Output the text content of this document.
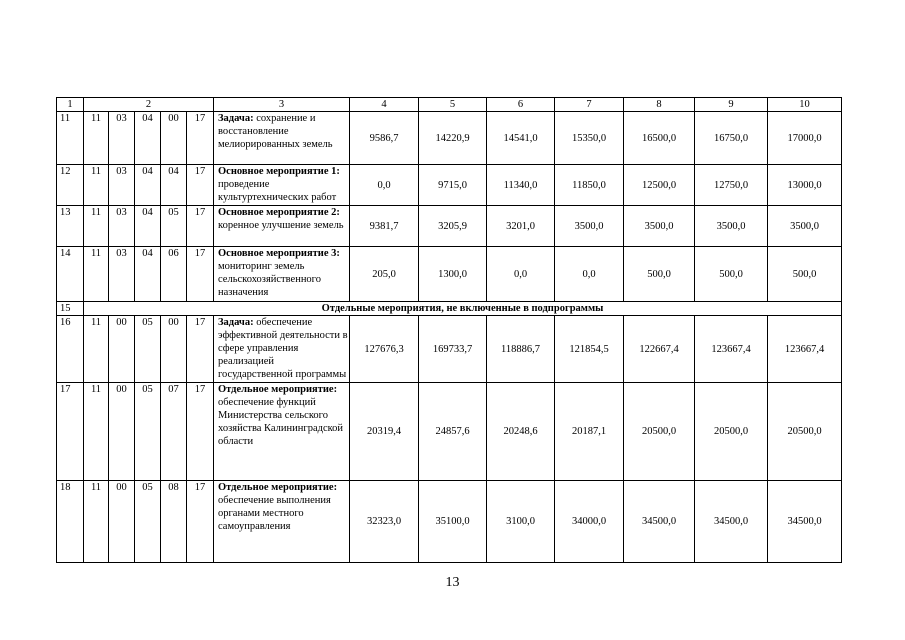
1	2					3	4	5	6	7	8	9	10
11	11	03	04	00	17	Задача: сохранение и восстановление мелиорированных земель	9586,7	14220,9	14541,0	15350,0	16500,0	16750,0	17000,0
12	11	03	04	04	17	Основное мероприятие 1: проведение культуртехнических работ	0,0	9715,0	11340,0	11850,0	12500,0	12750,0	13000,0
13	11	03	04	05	17	Основное мероприятие 2: коренное улучшение земель	9381,7	3205,9	3201,0	3500,0	3500,0	3500,0	3500,0
14	11	03	04	06	17	Основное мероприятие 3: мониторинг земель сельскохозяйственного назначения	205,0	1300,0	0,0	0,0	500,0	500,0	500,0
15	Отдельные мероприятия, не включенные в подпрограммы												
16	11	00	05	00	17	Задача: обеспечение эффективной деятельности в сфере управления реализацией государственной программы	127676,3	169733,7	118886,7	121854,5	122667,4	123667,4	123667,4
17	11	00	05	07	17	Отдельное мероприятие: обеспечение функций Министерства сельского хозяйства Калининградской области	20319,4	24857,6	20248,6	20187,1	20500,0	20500,0	20500,0
18	11	00	05	08	17	Отдельное мероприятие: обеспечение выполнения органами местного самоуправления	32323,0	35100,0	3100,0	34000,0	34500,0	34500,0	34500,0
13
